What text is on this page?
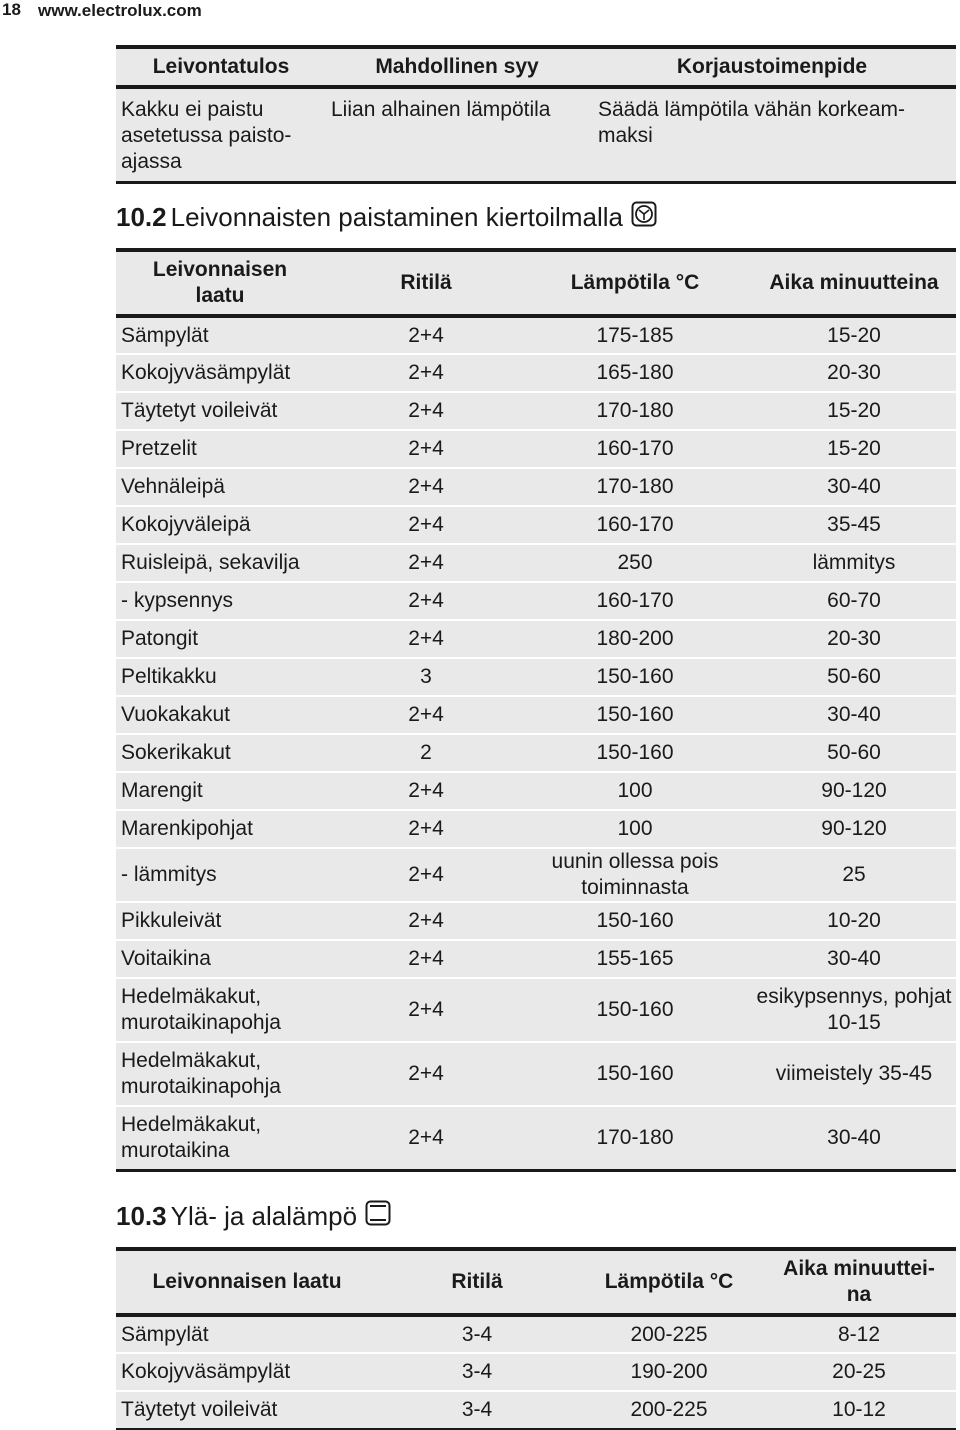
18	www.electrolux.com
Leivontatulos	Mahdollinen syy	Korjaustoimenpide
Kakku ei paistu asetetussa paisto-ajassa	Liian alhainen lämpötila	Säädä lämpötila vähän korkeam-maksi
10.2 Leivonnaisten paistaminen kiertoilmalla
Leivonnaisen laatu	Ritilä	Lämpötila °C	Aika minuutteina
Sämpylät	2+4	175-185	15-20
Kokojyväsämpylät	2+4	165-180	20-30
Täytetyt voileivät	2+4	170-180	15-20
Pretzelit	2+4	160-170	15-20
Vehnäleipä	2+4	170-180	30-40
Kokojyväleipä	2+4	160-170	35-45
Ruisleipä, sekavilja	2+4	250	lämmitys
- kypsennys	2+4	160-170	60-70
Patongit	2+4	180-200	20-30
Peltikakku	3	150-160	50-60
Vuokakakut	2+4	150-160	30-40
Sokerikakut	2	150-160	50-60
Marengit	2+4	100	90-120
Marenkipohjat	2+4	100	90-120
- lämmitys	2+4	uunin ollessa pois toiminnasta	25
Pikkuleivät	2+4	150-160	10-20
Voitaikina	2+4	155-165	30-40
Hedelmäkakut, murotaikinapohja	2+4	150-160	esikypsennys, pohjat 10-15
Hedelmäkakut, murotaikinapohja	2+4	150-160	viimeistely 35-45
Hedelmäkakut, murotaikina	2+4	170-180	30-40
10.3 Ylä- ja alalämpö
Leivonnaisen laatu	Ritilä	Lämpötila °C	Aika minuuttei-na
Sämpylät	3-4	200-225	8-12
Kokojyväsämpylät	3-4	190-200	20-25
Täytetyt voileivät	3-4	200-225	10-12
